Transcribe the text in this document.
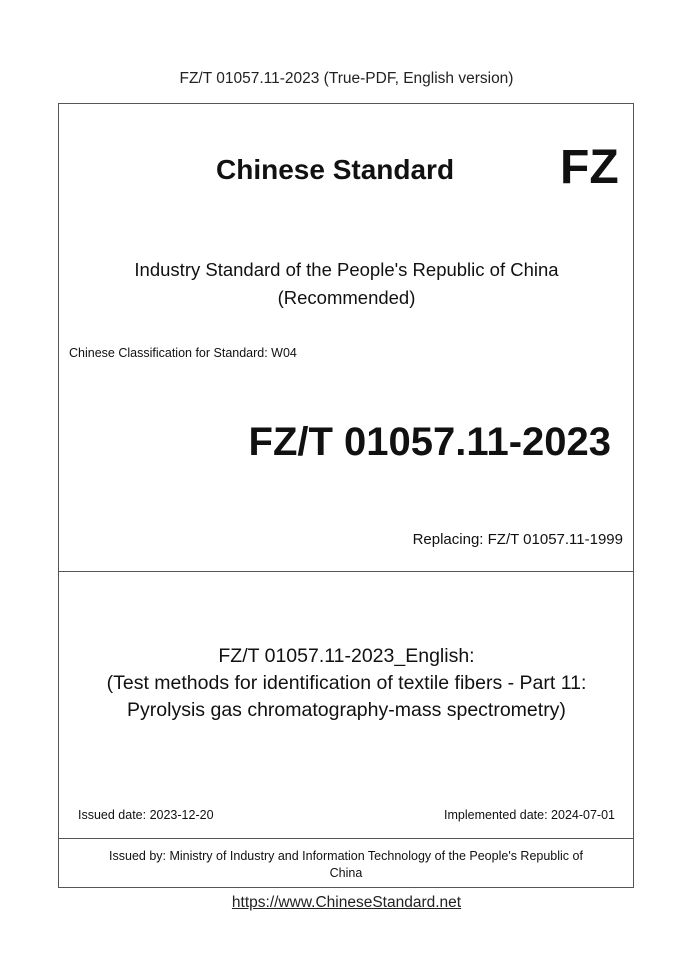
FZ/T 01057.11-2023 (True-PDF, English version)
Chinese Standard FZ
Industry Standard of the People's Republic of China
(Recommended)
Chinese Classification for Standard: W04
FZ/T 01057.11-2023
Replacing: FZ/T 01057.11-1999
FZ/T 01057.11-2023_English:
(Test methods for identification of textile fibers - Part 11:
Pyrolysis gas chromatography-mass spectrometry)
Issued date: 2023-12-20	Implemented date: 2024-07-01
Issued by: Ministry of Industry and Information Technology of the People's Republic of
China
https://www.ChineseStandard.net
